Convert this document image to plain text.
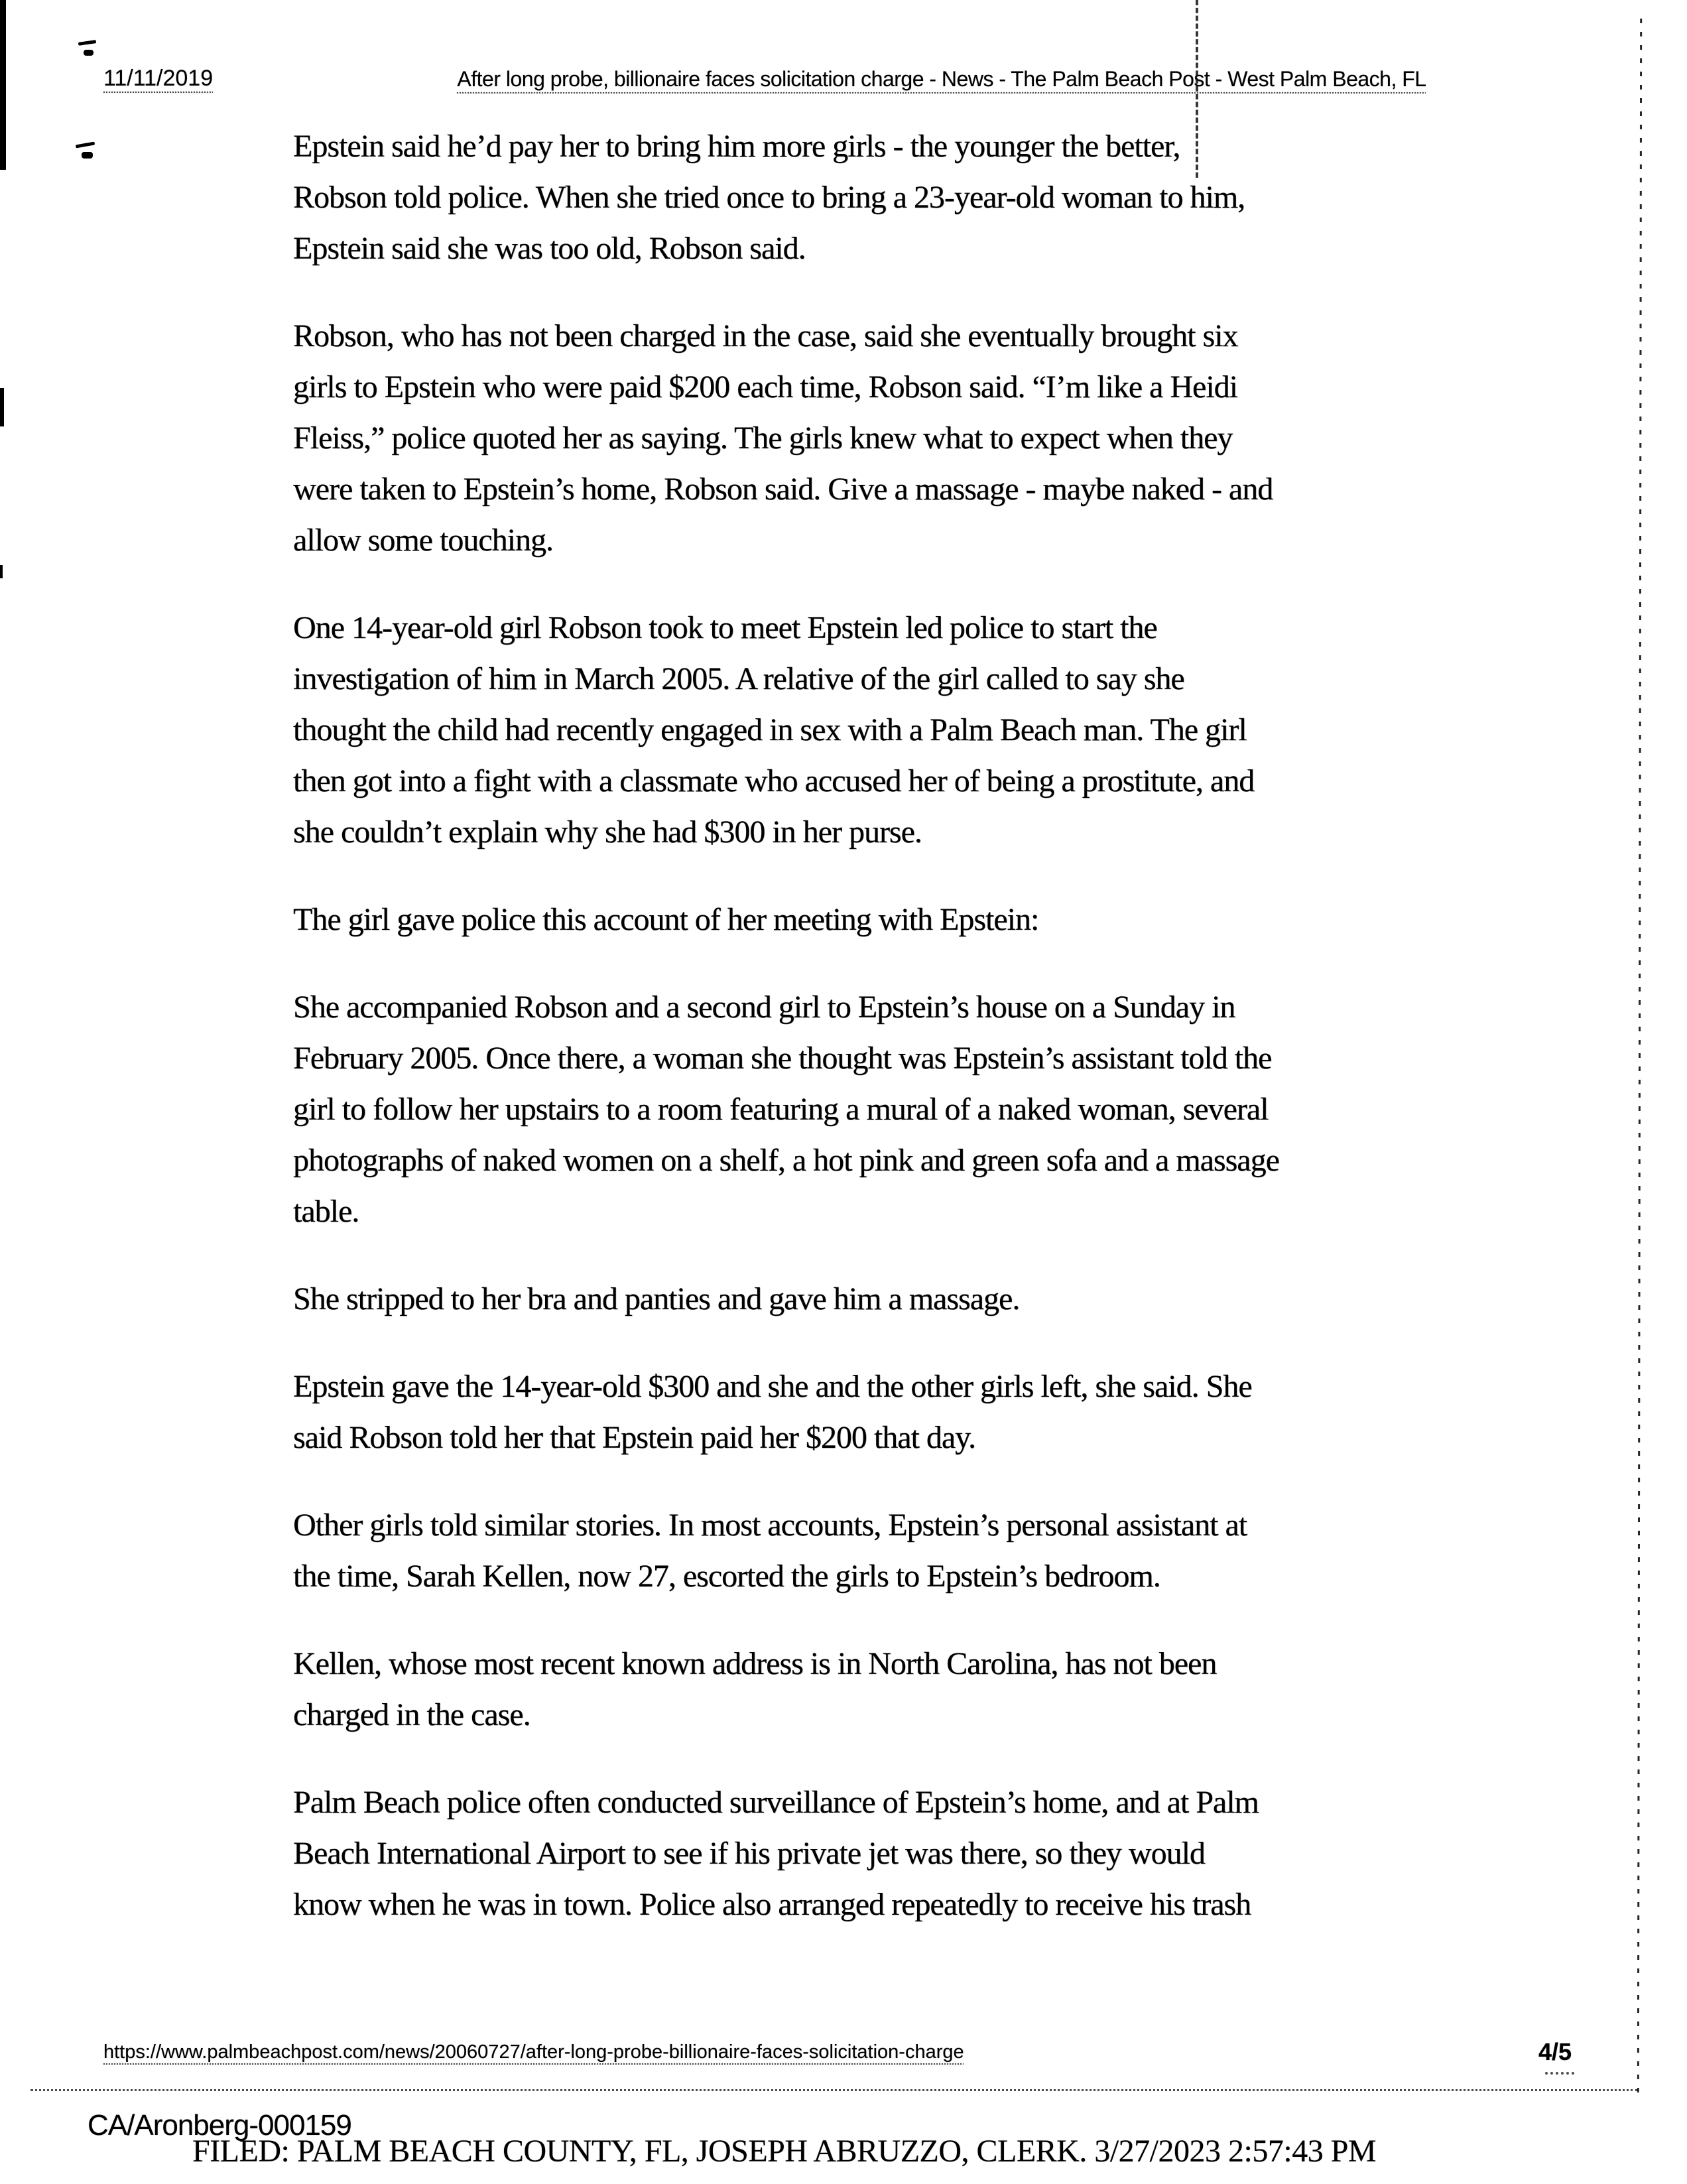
11/11/2019	After long probe, billionaire faces solicitation charge - News - The Palm Beach Post - West Palm Beach, FL
Epstein said he’d pay her to bring him more girls - the younger the better,
Robson told police. When she tried once to bring a 23-year-old woman to him,
Epstein said she was too old, Robson said.
Robson, who has not been charged in the case, said she eventually brought six
girls to Epstein who were paid $200 each time, Robson said. “I’m like a Heidi
Fleiss,” police quoted her as saying. The girls knew what to expect when they
were taken to Epstein’s home, Robson said. Give a massage - maybe naked - and
allow some touching.
One 14-year-old girl Robson took to meet Epstein led police to start the
investigation of him in March 2005. A relative of the girl called to say she
thought the child had recently engaged in sex with a Palm Beach man. The girl
then got into a fight with a classmate who accused her of being a prostitute, and
she couldn’t explain why she had $300 in her purse.
The girl gave police this account of her meeting with Epstein:
She accompanied Robson and a second girl to Epstein’s house on a Sunday in
February 2005. Once there, a woman she thought was Epstein’s assistant told the
girl to follow her upstairs to a room featuring a mural of a naked woman, several
photographs of naked women on a shelf, a hot pink and green sofa and a massage
table.
She stripped to her bra and panties and gave him a massage.
Epstein gave the 14-year-old $300 and she and the other girls left, she said. She
said Robson told her that Epstein paid her $200 that day.
Other girls told similar stories. In most accounts, Epstein’s personal assistant at
the time, Sarah Kellen, now 27, escorted the girls to Epstein’s bedroom.
Kellen, whose most recent known address is in North Carolina, has not been
charged in the case.
Palm Beach police often conducted surveillance of Epstein’s home, and at Palm
Beach International Airport to see if his private jet was there, so they would
know when he was in town. Police also arranged repeatedly to receive his trash
https://www.palmbeachpost.com/news/20060727/after-long-probe-billionaire-faces-solicitation-charge	4/5
CA/Aronberg-000159
FILED: PALM BEACH COUNTY, FL, JOSEPH ABRUZZO, CLERK. 3/27/2023 2:57:43 PM
